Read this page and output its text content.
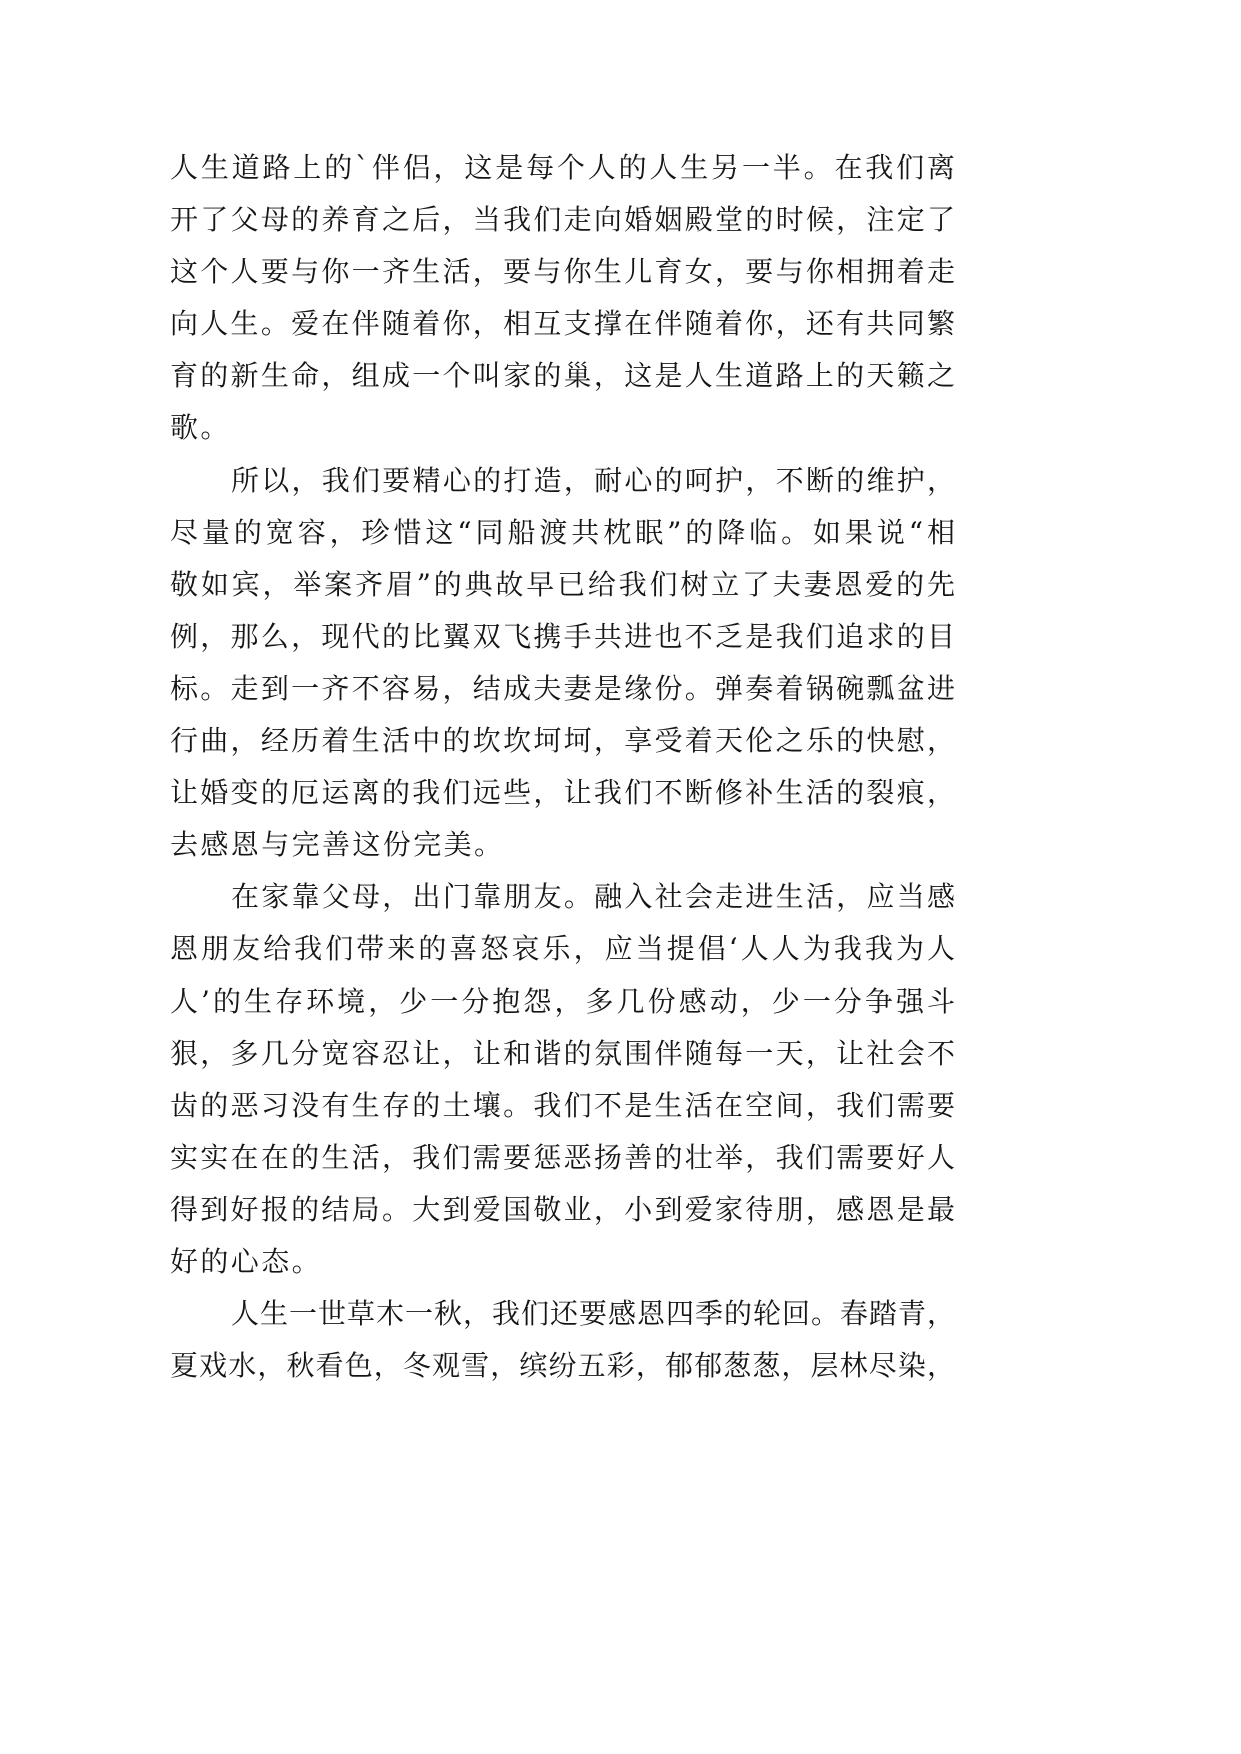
人生道路上的`伴侣，这是每个人的人生另一半。在我们离
开了父母的养育之后，当我们走向婚姻殿堂的时候，注定了
这个人要与你一齐生活，要与你生儿育女，要与你相拥着走
向人生。爱在伴随着你，相互支撑在伴随着你，还有共同繁
育的新生命，组成一个叫家的巢，这是人生道路上的天籁之
歌。
所以，我们要精心的打造，耐心的呵护，不断的维护，
尽量的宽容，珍惜这“同船渡共枕眠”的降临。如果说“相
敬如宾，举案齐眉”的典故早已给我们树立了夫妻恩爱的先
例，那么，现代的比翼双飞携手共进也不乏是我们追求的目
标。走到一齐不容易，结成夫妻是缘份。弹奏着锅碗瓢盆进
行曲，经历着生活中的坎坎坷坷，享受着天伦之乐的快慰，
让婚变的厄运离的我们远些，让我们不断修补生活的裂痕，
去感恩与完善这份完美。
在家靠父母，出门靠朋友。融入社会走进生活，应当感
恩朋友给我们带来的喜怒哀乐，应当提倡‘人人为我我为人
人’的生存环境，少一分抱怨，多几份感动，少一分争强斗
狠，多几分宽容忍让，让和谐的氛围伴随每一天，让社会不
齿的恶习没有生存的土壤。我们不是生活在空间，我们需要
实实在在的生活，我们需要惩恶扬善的壮举，我们需要好人
得到好报的结局。大到爱国敬业，小到爱家待朋，感恩是最
好的心态。
人生一世草木一秋，我们还要感恩四季的轮回。春踏青，
夏戏水，秋看色，冬观雪，缤纷五彩，郁郁葱葱，层林尽染，
